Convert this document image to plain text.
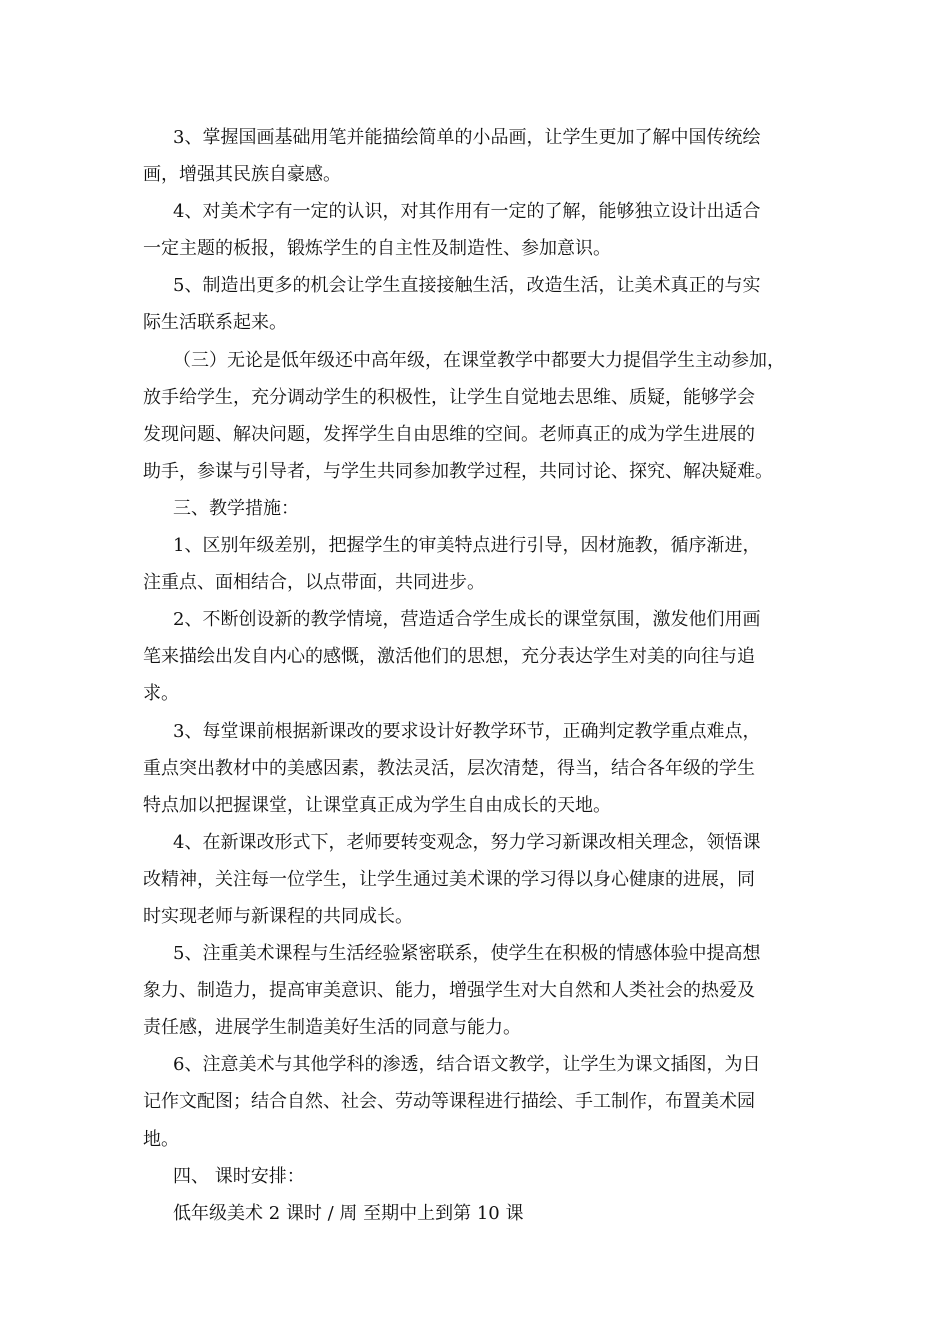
3、掌握国画基础用笔并能描绘简单的小品画，让学生更加了解中国传统绘
画，增强其民族自豪感。

4、对美术字有一定的认识，对其作用有一定的了解，能够独立设计出适合
一定主题的板报，锻炼学生的自主性及制造性、参加意识。

5、制造出更多的机会让学生直接接触生活，改造生活，让美术真正的与实
际生活联系起来。

（三）无论是低年级还中高年级，在课堂教学中都要大力提倡学生主动参加，
放手给学生，充分调动学生的积极性，让学生自觉地去思维、质疑，能够学会
发现问题、解决问题，发挥学生自由思维的空间。老师真正的成为学生进展的
助手，参谋与引导者，与学生共同参加教学过程，共同讨论、探究、解决疑难。

三、教学措施：

1、区别年级差别，把握学生的审美特点进行引导，因材施教，循序渐进，
注重点、面相结合，以点带面，共同进步。

2、不断创设新的教学情境，营造适合学生成长的课堂氛围，激发他们用画
笔来描绘出发自内心的感慨，激活他们的思想，充分表达学生对美的向往与追
求。

3、每堂课前根据新课改的要求设计好教学环节，正确判定教学重点难点，
重点突出教材中的美感因素，教法灵活，层次清楚，得当，结合各年级的学生
特点加以把握课堂，让课堂真正成为学生自由成长的天地。

4、在新课改形式下，老师要转变观念，努力学习新课改相关理念，领悟课
改精神，关注每一位学生，让学生通过美术课的学习得以身心健康的进展，同
时实现老师与新课程的共同成长。

5、注重美术课程与生活经验紧密联系，使学生在积极的情感体验中提高想
象力、制造力，提高审美意识、能力，增强学生对大自然和人类社会的热爱及
责任感，进展学生制造美好生活的同意与能力。

6、注意美术与其他学科的渗透，结合语文教学，让学生为课文插图，为日
记作文配图；结合自然、社会、劳动等课程进行描绘、手工制作，布置美术园
地。

四、 课时安排：

低年级美术 2 课时 / 周 至期中上到第 10 课
